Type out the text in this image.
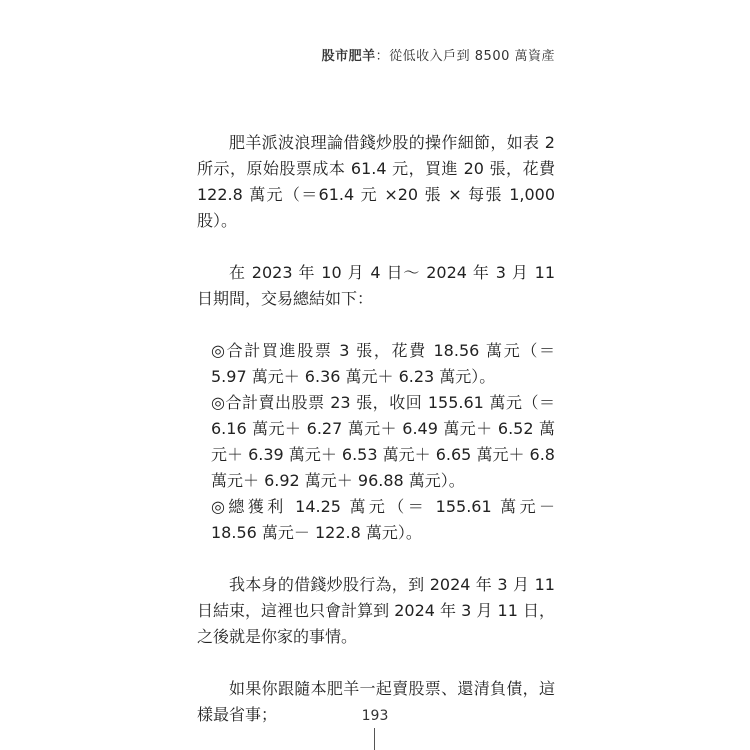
股市肥羊：從低收入戶到 8500 萬資產

肥羊派波浪理論借錢炒股的操作細節，如表 2 所示，原始股票成本 61.4 元，買進 20 張，花費 122.8 萬元（＝61.4 元 ×20 張 × 每張 1,000 股）。

在 2023 年 10 月 4 日～ 2024 年 3 月 11 日期間，交易總結如下：

◎合計買進股票 3 張，花費 18.56 萬元（＝ 5.97 萬元＋ 6.36 萬元＋ 6.23 萬元）。

◎合計賣出股票 23 張，收回 155.61 萬元（＝ 6.16 萬元＋ 6.27 萬元＋ 6.49 萬元＋ 6.52 萬元＋ 6.39 萬元＋ 6.53 萬元＋ 6.65 萬元＋ 6.8 萬元＋ 6.92 萬元＋ 96.88 萬元）。

◎總獲利 14.25 萬元（＝ 155.61 萬元－ 18.56 萬元－ 122.8 萬元）。

我本身的借錢炒股行為，到 2024 年 3 月 11 日結束，這裡也只會計算到 2024 年 3 月 11 日，之後就是你家的事情。

如果你跟隨本肥羊一起賣股票、還清負債，這樣最省事；	193
